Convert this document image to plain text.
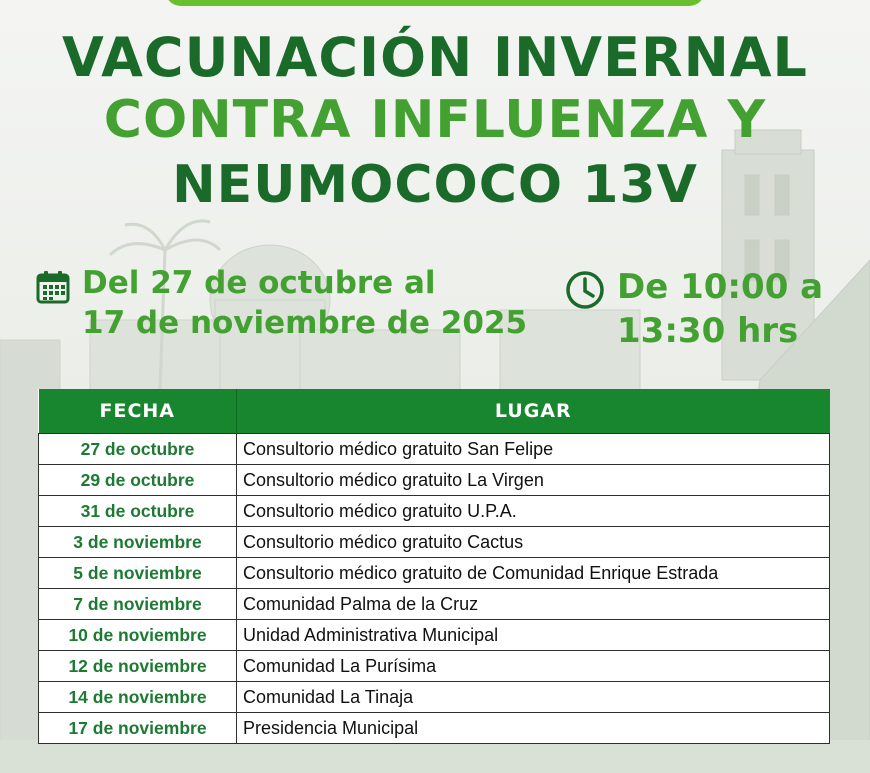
VACUNACIÓN INVERNAL
CONTRA INFLUENZA Y
NEUMOCOCO 13V
Del 27 de octubre al
17 de noviembre de 2025
De 10:00 a
13:30 hrs
FECHA	LUGAR
27 de octubre	Consultorio médico gratuito San Felipe
29 de octubre	Consultorio médico gratuito La Virgen
31 de octubre	Consultorio médico gratuito U.P.A.
3 de noviembre	Consultorio médico gratuito Cactus
5 de noviembre	Consultorio médico gratuito de Comunidad Enrique Estrada
7 de noviembre	Comunidad Palma de la Cruz
10 de noviembre	Unidad Administrativa Municipal
12 de noviembre	Comunidad La Purísima
14 de noviembre	Comunidad La Tinaja
17 de noviembre	Presidencia Municipal
